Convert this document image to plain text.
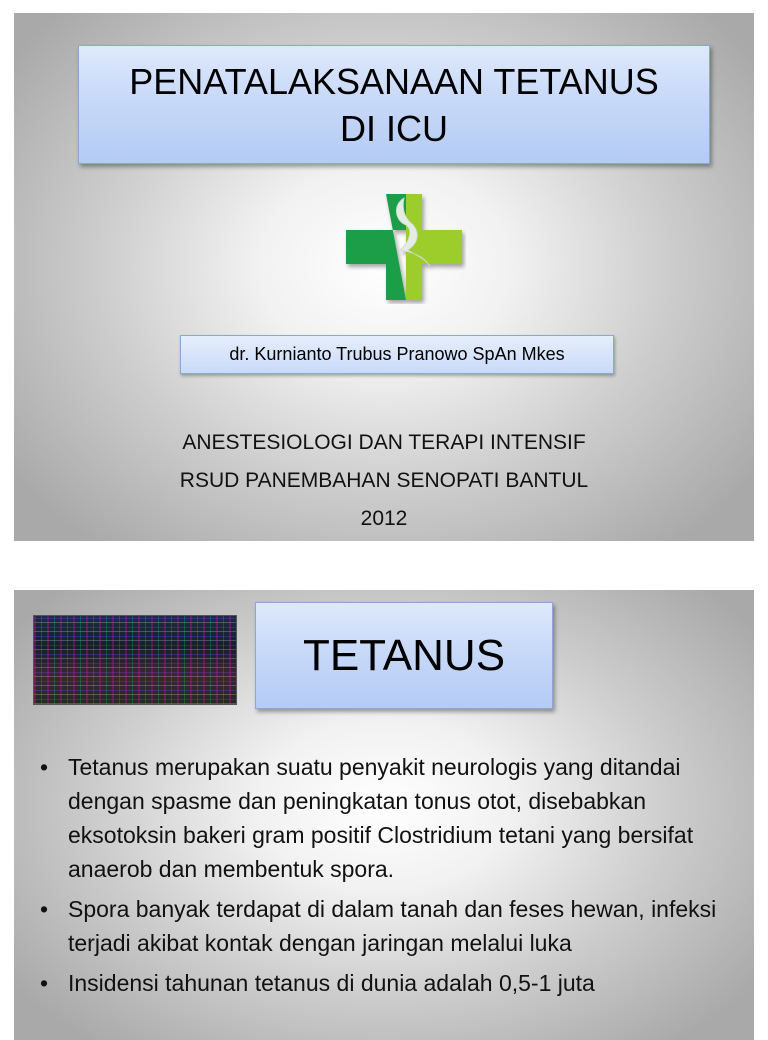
PENATALAKSANAAN TETANUS
DI ICU
dr. Kurnianto Trubus Pranowo SpAn Mkes
ANESTESIOLOGI DAN TERAPI INTENSIF
RSUD PANEMBAHAN SENOPATI BANTUL
2012
TETANUS
• Tetanus merupakan suatu penyakit neurologis yang ditandai dengan spasme dan peningkatan tonus otot, disebabkan eksotoksin bakeri gram positif Clostridium tetani yang bersifat anaerob dan membentuk spora.
• Spora banyak terdapat di dalam tanah dan feses hewan, infeksi terjadi akibat kontak dengan jaringan melalui luka
• Insidensi tahunan tetanus di dunia adalah 0,5-1 juta
